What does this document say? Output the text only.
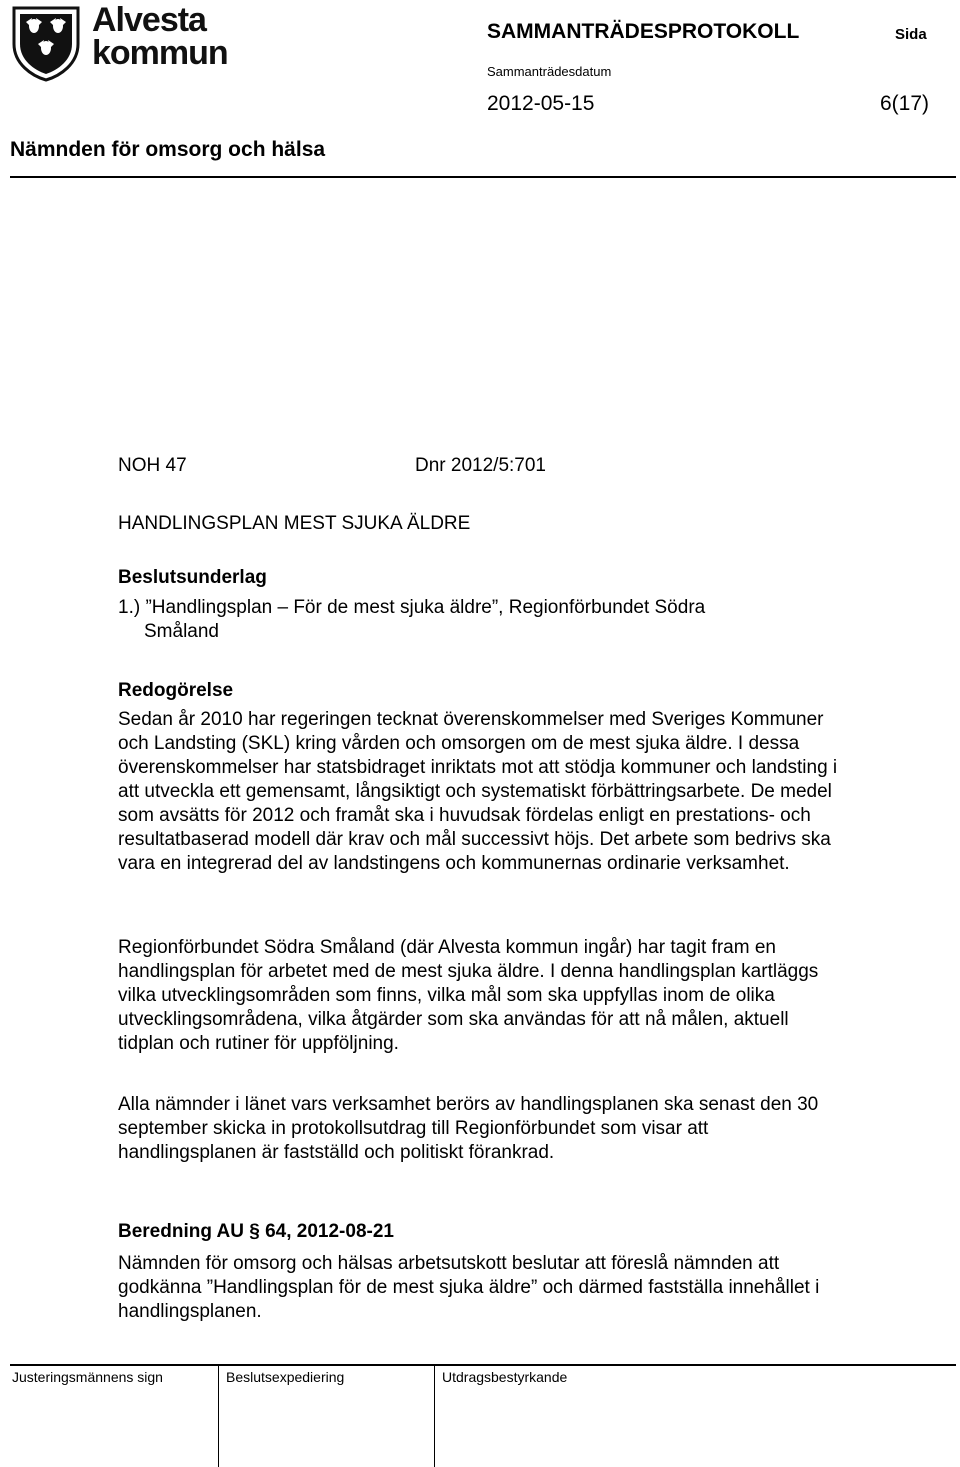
Alvesta
kommun
SAMMANTRÄDESPROTOKOLL	Sida
Sammanträdesdatum
2012-05-15	6(17)
Nämnden för omsorg och hälsa
NOH 47	Dnr 2012/5:701
HANDLINGSPLAN MEST SJUKA ÄLDRE
Beslutsunderlag
1.) ”Handlingsplan – För de mest sjuka äldre”, Regionförbundet Södra
Småland
Redogörelse
Sedan år 2010 har regeringen tecknat överenskommelser med Sveriges Kommuner och Landsting (SKL) kring vården och omsorgen om de mest sjuka äldre. I dessa överenskommelser har statsbidraget inriktats mot att stödja kommuner och landsting i att utveckla ett gemensamt, långsiktigt och systematiskt förbättringsarbete. De medel som avsätts för 2012 och framåt ska i huvudsak fördelas enligt en prestations- och resultatbaserad modell där krav och mål successivt höjs. Det arbete som bedrivs ska vara en integrerad del av landstingens och kommunernas ordinarie verksamhet.
Regionförbundet Södra Småland (där Alvesta kommun ingår) har tagit fram en handlingsplan för arbetet med de mest sjuka äldre. I denna handlingsplan kartläggs vilka utvecklingsområden som finns, vilka mål som ska uppfyllas inom de olika utvecklingsområdena, vilka åtgärder som ska användas för att nå målen, aktuell tidplan och rutiner för uppföljning.
Alla nämnder i länet vars verksamhet berörs av handlingsplanen ska senast den 30 september skicka in protokollsutdrag till Regionförbundet som visar att handlingsplanen är fastställd och politiskt förankrad.
Beredning AU § 64, 2012-08-21
Nämnden för omsorg och hälsas arbetsutskott beslutar att föreslå nämnden att godkänna ”Handlingsplan för de mest sjuka äldre” och därmed fastställa innehållet i handlingsplanen.
Justeringsmännens sign	Beslutsexpediering	Utdragsbestyrkande
